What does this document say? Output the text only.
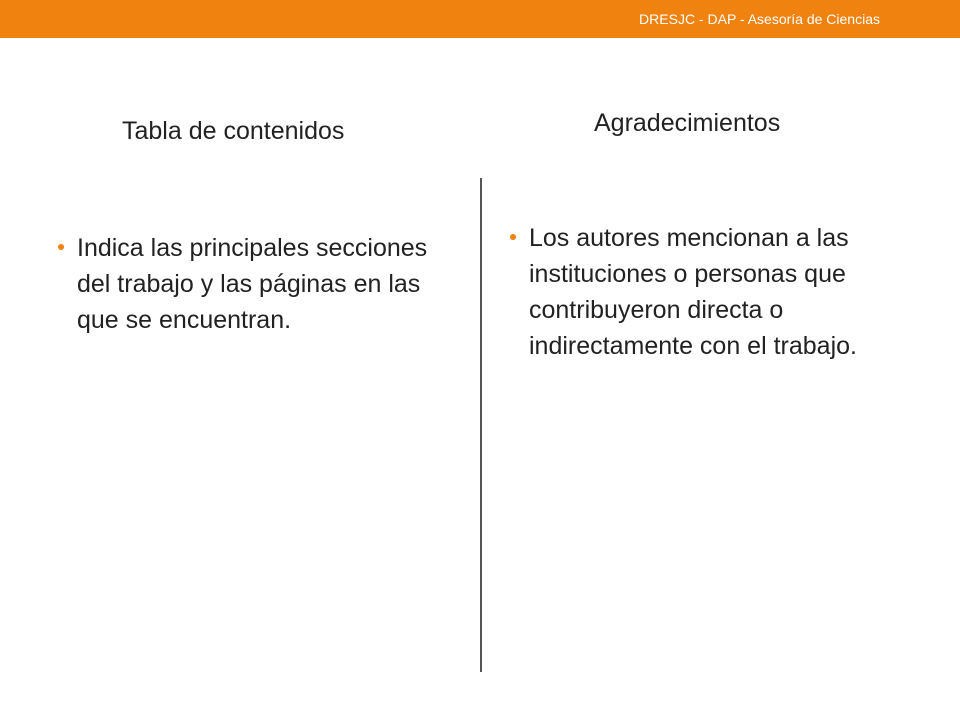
DRESJC - DAP - Asesoría de Ciencias
Tabla de contenidos	Agradecimientos
Indica las principales secciones del trabajo y las páginas en las que se encuentran.
Los autores mencionan a las instituciones o personas que contribuyeron directa o indirectamente con el trabajo.
